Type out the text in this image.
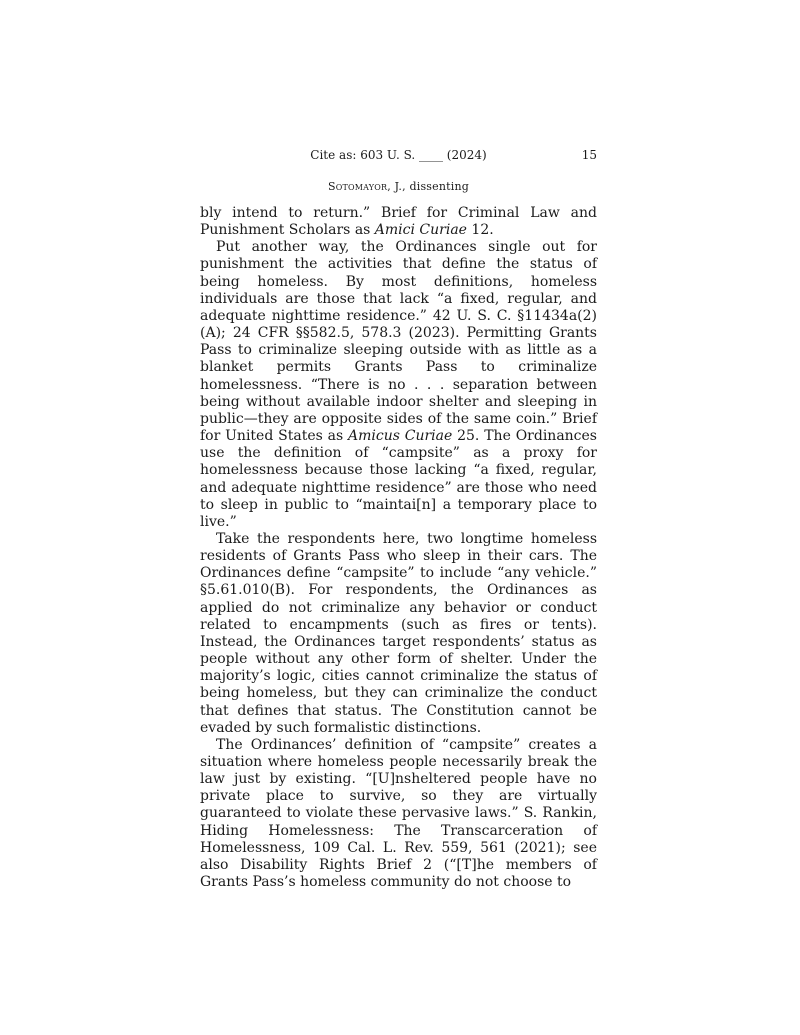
Cite as: 603 U. S. ____ (2024)	15
Sotomayor, J., dissenting

bly intend to return.” Brief for Criminal Law and Punishment Scholars as Amici Curiae 12.

Put another way, the Ordinances single out for punishment the activities that define the status of being homeless. By most definitions, homeless individuals are those that lack “a fixed, regular, and adequate nighttime residence.” 42 U. S. C. §11434a(2)(A); 24 CFR §§582.5, 578.3 (2023). Permitting Grants Pass to criminalize sleeping outside with as little as a blanket permits Grants Pass to criminalize homelessness. “There is no . . . separation between being without available indoor shelter and sleeping in public—they are opposite sides of the same coin.” Brief for United States as Amicus Curiae 25. The Ordinances use the definition of “campsite” as a proxy for homelessness because those lacking “a fixed, regular, and adequate nighttime residence” are those who need to sleep in public to “maintai[n] a temporary place to live.”

Take the respondents here, two longtime homeless residents of Grants Pass who sleep in their cars. The Ordinances define “campsite” to include “any vehicle.” §5.61.010(B). For respondents, the Ordinances as applied do not criminalize any behavior or conduct related to encampments (such as fires or tents). Instead, the Ordinances target respondents’ status as people without any other form of shelter. Under the majority’s logic, cities cannot criminalize the status of being homeless, but they can criminalize the conduct that defines that status. The Constitution cannot be evaded by such formalistic distinctions.

The Ordinances’ definition of “campsite” creates a situation where homeless people necessarily break the law just by existing. “[U]nsheltered people have no private place to survive, so they are virtually guaranteed to violate these pervasive laws.” S. Rankin, Hiding Homelessness: The Transcarceration of Homelessness, 109 Cal. L. Rev. 559, 561 (2021); see also Disability Rights Brief 2 (“[T]he members of Grants Pass’s homeless community do not choose to
